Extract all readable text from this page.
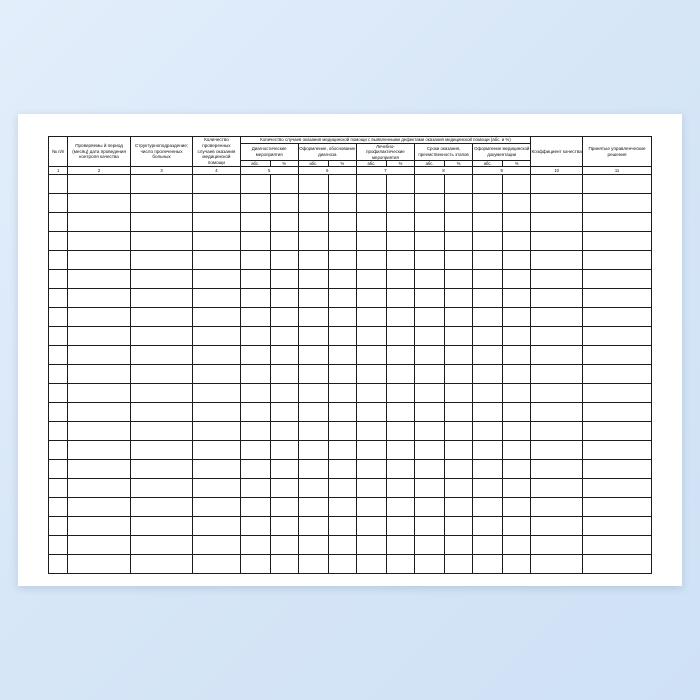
№ п/п	Проверяемы й период (месяц) дата проведения контроля качества	Структурноподраздение; число пролеченных больных	Количество проверенных случаев оказания медицинской помощи	Количество случаев оказания медицинской помощи с выявленными дефектами оказания медицинской помощи (абс. и %)										Коэффициент качества	Принятые управленческие решения
				Диагностические мероприятия		Оформление, обоснование диагноза		Лечебно-профилактические мероприятия		Сроки оказания, преемственность этапов		Оформление медицинской документации			
				абс.	%	абс.	%	абс.	%	абс.	%	абс.	%		
1	2	3	4	5		6		7		8		9		10	11
